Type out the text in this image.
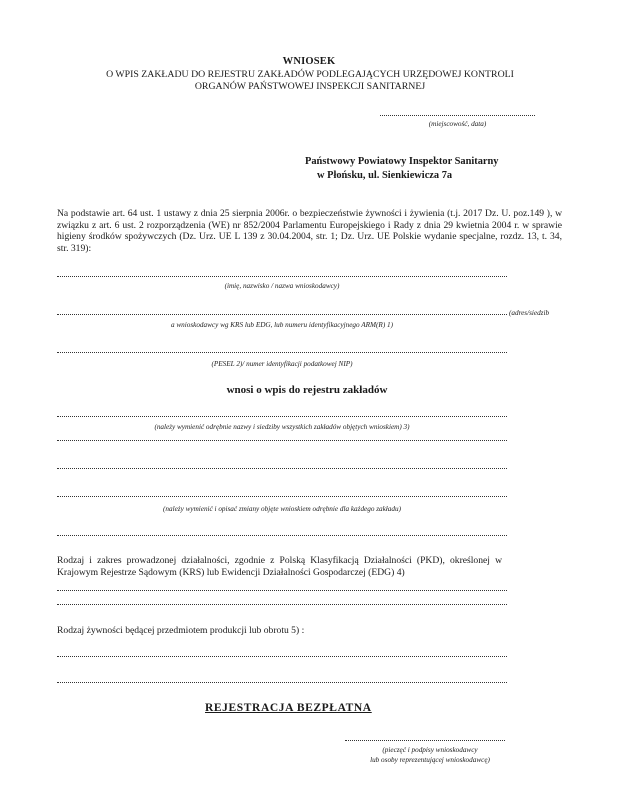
WNIOSEK
O WPIS ZAKŁADU DO REJESTRU ZAKŁADÓW PODLEGAJĄCYCH URZĘDOWEJ KONTROLI
ORGANÓW PAŃSTWOWEJ INSPEKCJI SANITARNEJ
(miejscowość, data)
Państwowy Powiatowy Inspektor Sanitarny
w Płońsku, ul. Sienkiewicza 7a
Na podstawie art. 64 ust. 1 ustawy z dnia 25 sierpnia 2006r. o bezpieczeństwie żywności i żywienia (t.j. 2017 Dz. U. poz.149 ), w związku z art. 6 ust. 2 rozporządzenia (WE) nr 852/2004 Parlamentu Europejskiego i Rady z dnia 29 kwietnia 2004 r. w sprawie higieny środków spożywczych (Dz. Urz. UE L 139 z 30.04.2004, str. 1; Dz. Urz. UE Polskie wydanie specjalne, rozdz. 13, t. 34, str. 319):
(imię, nazwisko / nazwa wnioskodawcy)
(adres/siedzib
a wnioskodawcy wg KRS lub EDG, lub numeru identyfikacyjnego ARM(R) 1)
(PESEL 2)/ numer identyfikacji podatkowej NIP)
wnosi o wpis do rejestru zakładów
(należy wymienić odrębnie nazwy i siedziby wszystkich zakładów objętych wnioskiem) 3)
(należy wymienić i opisać zmiany objęte wnioskiem odrębnie dla każdego zakładu)
Rodzaj i zakres prowadzonej działalności, zgodnie z Polską Klasyfikacją Działalności (PKD), określonej w Krajowym Rejestrze Sądowym (KRS) lub Ewidencji Działalności Gospodarczej (EDG) 4)
Rodzaj żywności będącej przedmiotem produkcji lub obrotu 5) :
REJESTRACJA BEZPŁATNA
(pieczęć i podpisy wnioskodawcy
lub osoby reprezentującej wnioskodawcę)
